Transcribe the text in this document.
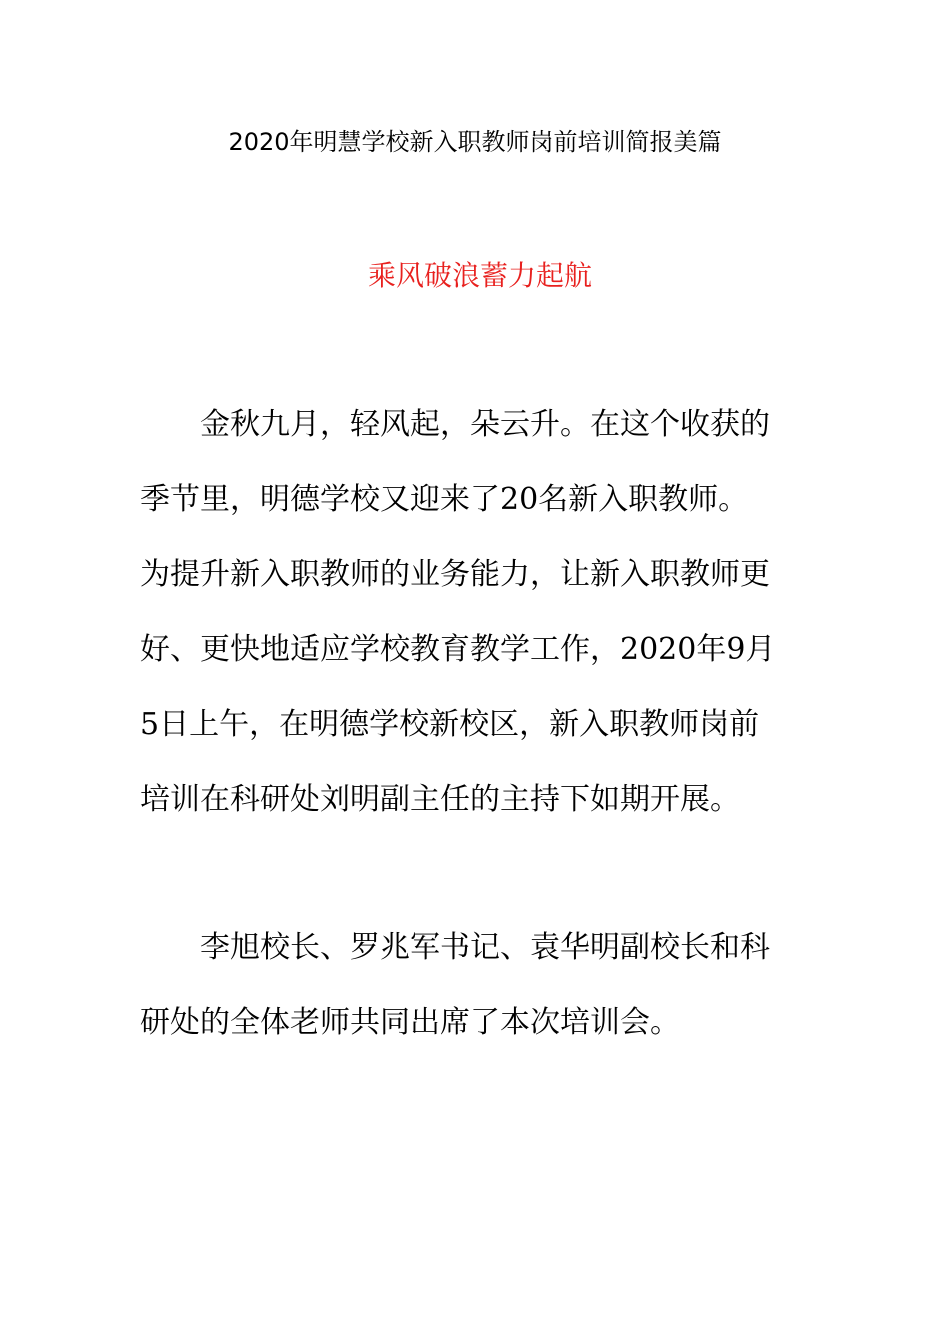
2020年明慧学校新入职教师岗前培训简报美篇
乘风破浪蓄力起航
金秋九月，轻风起，朵云升。在这个收获的
季节里，明德学校又迎来了20名新入职教师。
为提升新入职教师的业务能力，让新入职教师更
好、更快地适应学校教育教学工作，2020年9月
5日上午，在明德学校新校区，新入职教师岗前
培训在科研处刘明副主任的主持下如期开展。
李旭校长、罗兆军书记、袁华明副校长和科
研处的全体老师共同出席了本次培训会。
